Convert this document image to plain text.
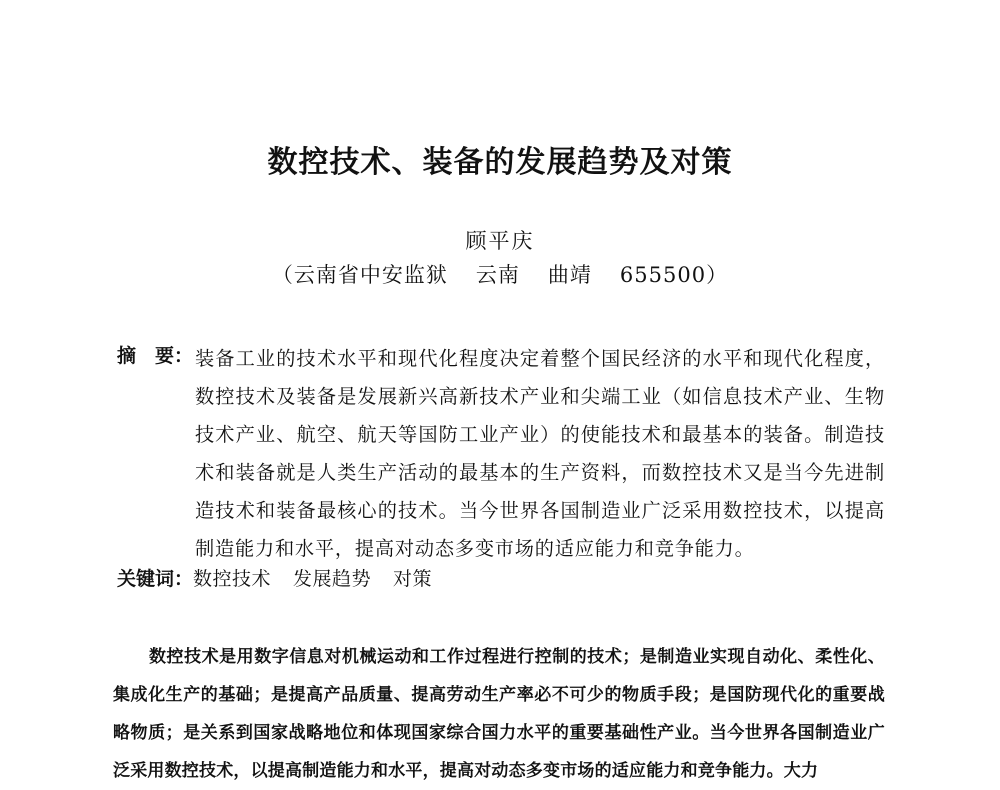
数控技术、装备的发展趋势及对策
顾平庆
（云南省中安监狱 云南 曲靖 655500）
摘　要： 装备工业的技术水平和现代化程度决定着整个国民经济的水平和现代化程度，数控技术及装备是发展新兴高新技术产业和尖端工业（如信息技术产业、生物技术产业、航空、航天等国防工业产业）的使能技术和最基本的装备。制造技术和装备就是人类生产活动的最基本的生产资料，而数控技术又是当今先进制造技术和装备最核心的技术。当今世界各国制造业广泛采用数控技术，以提高制造能力和水平，提高对动态多变市场的适应能力和竞争能力。
关键词：数控技术 发展趋势 对策
数控技术是用数字信息对机械运动和工作过程进行控制的技术；是制造业实现自动化、柔性化、集成化生产的基础；是提高产品质量、提高劳动生产率必不可少的物质手段；是国防现代化的重要战略物质；是关系到国家战略地位和体现国家综合国力水平的重要基础性产业。当今世界各国制造业广泛采用数控技术，以提高制造能力和水平，提高对动态多变市场的适应能力和竞争能力。大力
